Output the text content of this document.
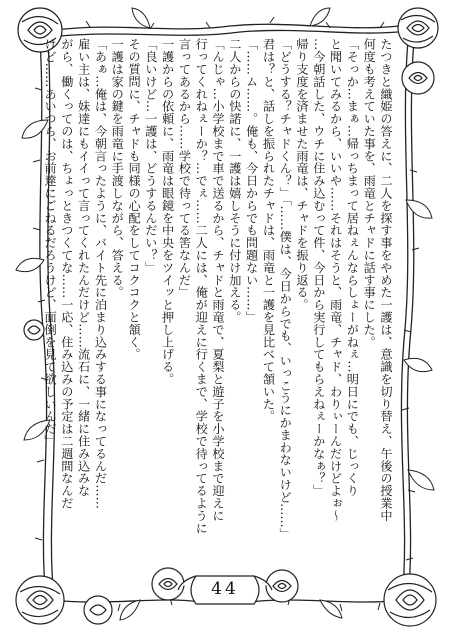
たつきと織姫の答えに、二人を探す事をやめた一護は、意識を切り替え、午後の授業中

何度も考えていた事を、雨竜とチャドに話す事にした。

「そっか…まぁ…帰っちまって居ねぇんならしょーがねぇ…明日にでも、じっくり

と聞いてみるから、いいや……それはそうと、雨竜、チャド、わりぃーんだけどよぉ〜

…今朝話した、ウチに住み込むって件、今日から実行してもらえねぇーかなぁ？」

帰り支度を済ませた雨竜は、チャドを振り返る。

「どうする？チャドくん？」「……僕は、今日からでも、いっこうにかまわないけど……」

君は？と、話しを振られたチャドは、雨竜と一護を見比べて頷いた。

「……ム……。俺も、今日からでも問題ない……」

二人からの快諾に、一護は嬉しそうに付け加える。

「んじゃ…小学校まで車で送るから、チャドと雨竜で、夏梨と遊子を小学校まで迎えに

行ってくれねぇーか？…でぇ……二人には、俺が迎えに行くまで、学校で待ってるように

言ってあるから……学校で待ってる筈なんだ」

一護からの依頼に、雨竜は眼鏡を中央をツイッと押し上げる。

「良いけど…一護は、どうするんだい？」

その質問に、チャドも同様の心配をしてコクコクと頷く。

一護は家の鍵を雨竜に手渡しながら、答える。

「あぁ…俺は、今朝言ったように、バイト先に泊まり込みする事になってるんだ……

雇い主は、妹達にもイイって言ってくれたんだけど……流石に、一緒に住み込みな

がら、働くってのは、ちょっときつくてな……一応、住み込みの予定は二週間なんだ

けど……あいつら、お前達にごねるだろうけど、面倒を見て欲しいんだ」

44
